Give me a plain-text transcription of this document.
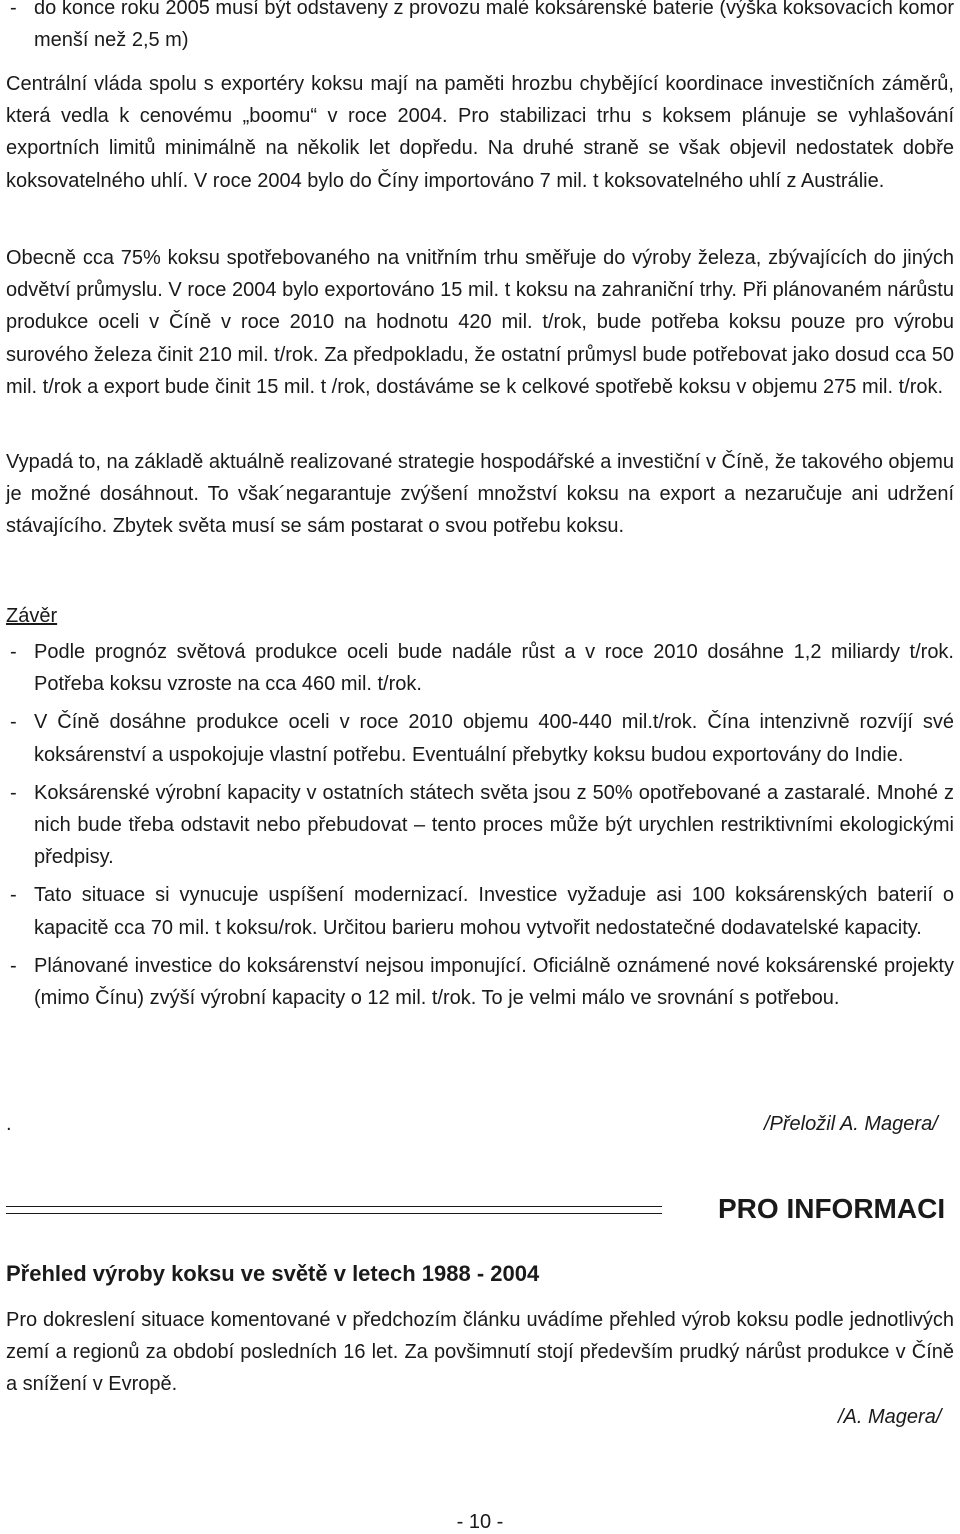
- do konce roku 2005 musí být odstaveny z provozu malé koksárenské baterie (výška koksovacích komor menší než 2,5 m)

Centrální vláda spolu s exportéry koksu mají na paměti hrozbu chybějící koordinace investičních záměrů, která vedla k cenovému „boomu“ v roce 2004. Pro stabilizaci trhu s koksem plánuje se vyhlašování exportních limitů minimálně na několik let dopředu. Na druhé straně se však objevil nedostatek dobře koksovatelného uhlí. V roce 2004 bylo do Číny importováno 7 mil. t koksovatelného uhlí z Austrálie.

Obecně cca 75% koksu spotřebovaného na vnitřním trhu směřuje do výroby železa, zbývajících do jiných odvětví průmyslu. V roce 2004 bylo exportováno 15 mil. t koksu na zahraniční trhy. Při plánovaném nárůstu produkce oceli v Číně v roce 2010 na hodnotu 420 mil. t/rok, bude potřeba koksu pouze pro výrobu surového železa činit 210 mil. t/rok. Za předpokladu, že ostatní průmysl bude potřebovat jako dosud cca 50 mil. t/rok a export bude činit 15 mil. t /rok, dostáváme se k celkové spotřebě koksu v objemu 275 mil. t/rok.

Vypadá to, na základě aktuálně realizované strategie hospodářské a investiční v Číně, že takového objemu je možné dosáhnout. To však´negarantuje zvýšení množství koksu na export a nezaručuje ani udržení stávajícího. Zbytek světa musí se sám postarat o svou potřebu koksu.

Závěr

- Podle prognóz světová produkce oceli bude nadále růst a v roce 2010 dosáhne 1,2 miliardy t/rok. Potřeba koksu vzroste na cca 460 mil. t/rok.

- V Číně dosáhne produkce oceli v roce 2010 objemu 400-440 mil.t/rok. Čína intenzivně rozvíjí své koksárenství a uspokojuje vlastní potřebu. Eventuální přebytky koksu budou exportovány do Indie.

- Koksárenské výrobní kapacity v ostatních státech světa jsou z 50% opotřebované a zastaralé. Mnohé z nich bude třeba odstavit nebo přebudovat – tento proces může být urychlen restriktivními ekologickými předpisy.

- Tato situace si vynucuje uspíšení modernizací. Investice vyžaduje asi 100 koksárenských baterií o kapacitě cca 70 mil. t koksu/rok. Určitou barieru mohou vytvořit nedostatečné dodavatelské kapacity.

- Plánované investice do koksárenství nejsou imponující. Oficiálně oznámené nové koksárenské projekty (mimo Čínu) zvýší výrobní kapacity o 12 mil. t/rok. To je velmi málo ve srovnání s potřebou.

.	/Přeložil A. Magera/
PRO INFORMACI
Přehled výroby koksu ve světě v letech 1988 - 2004

Pro dokreslení situace komentované v předchozím článku uvádíme přehled výrob koksu podle jednotlivých zemí a regionů za období posledních 16 let. Za povšimnutí stojí především prudký nárůst produkce v Číně a snížení v Evropě.

/A. Magera/
- 10 -
